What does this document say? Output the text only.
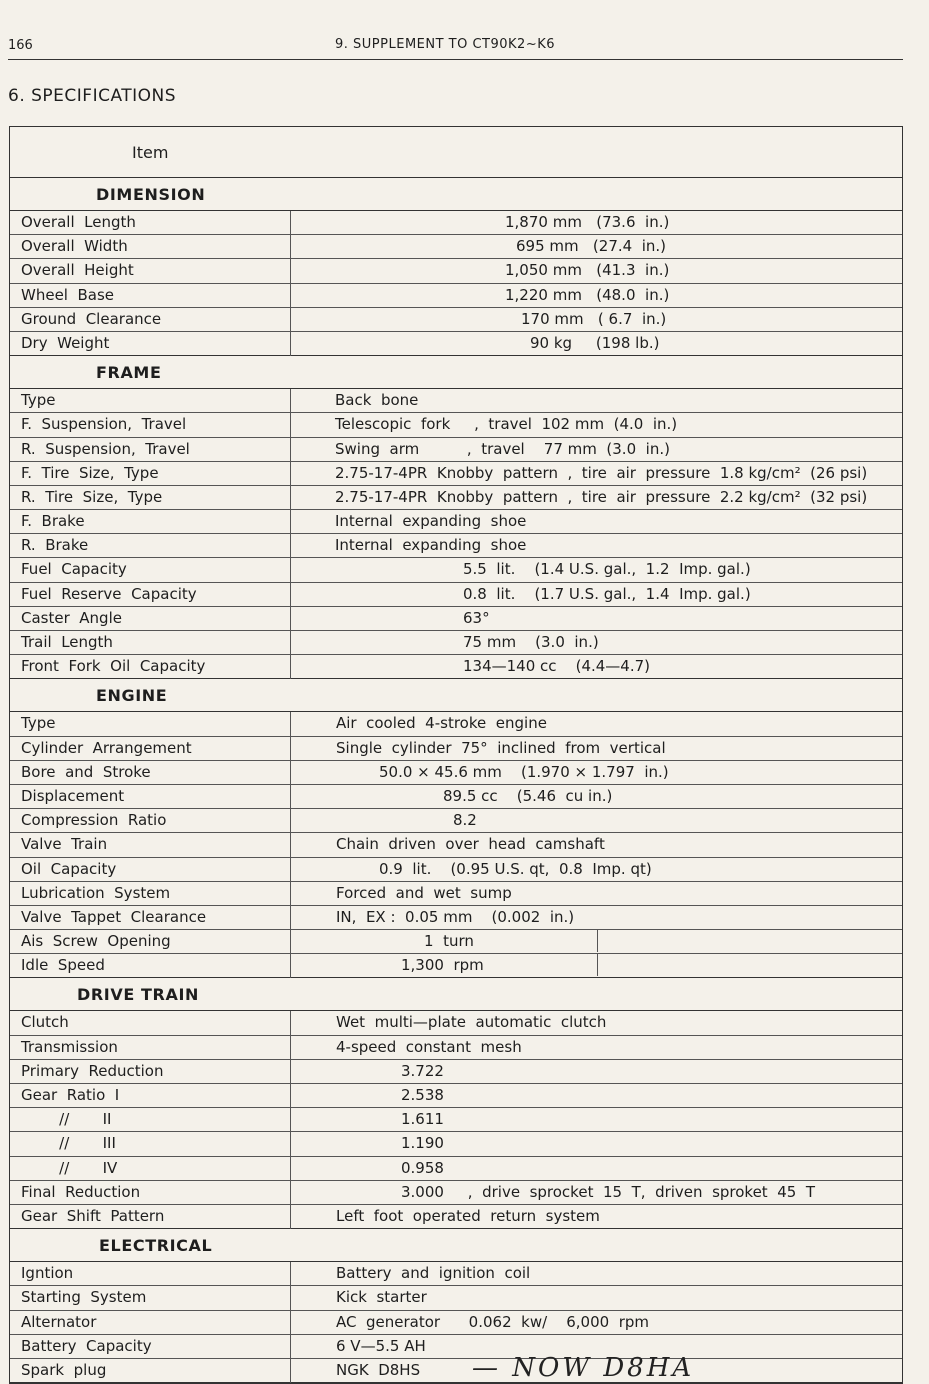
166	9. SUPPLEMENT TO CT90K2~K6
6. SPECIFICATIONS
Item
DIMENSION
Overall  Length	1,870 mm   (73.6  in.)
Overall  Width	695 mm   (27.4  in.)
Overall  Height	1,050 mm   (41.3  in.)
Wheel  Base	1,220 mm   (48.0  in.)
Ground  Clearance	170 mm   ( 6.7  in.)
Dry  Weight	90 kg     (198 lb.)
FRAME
Type	Back  bone
F.  Suspension,  Travel	Telescopic  fork     ,  travel  102 mm  (4.0  in.)
R.  Suspension,  Travel	Swing  arm          ,  travel    77 mm  (3.0  in.)
F.  Tire  Size,  Type	2.75-17-4PR  Knobby  pattern  ,  tire  air  pressure  1.8 kg/cm²  (26 psi)
R.  Tire  Size,  Type	2.75-17-4PR  Knobby  pattern  ,  tire  air  pressure  2.2 kg/cm²  (32 psi)
F.  Brake	Internal  expanding  shoe
R.  Brake	Internal  expanding  shoe
Fuel  Capacity	5.5  lit.    (1.4 U.S. gal.,  1.2  Imp. gal.)
Fuel  Reserve  Capacity	0.8  lit.    (1.7 U.S. gal.,  1.4  Imp. gal.)
Caster  Angle	63°
Trail  Length	75 mm    (3.0  in.)
Front  Fork  Oil  Capacity	134—140 cc    (4.4—4.7)
ENGINE
Type	Air  cooled  4-stroke  engine
Cylinder  Arrangement	Single  cylinder  75°  inclined  from  vertical
Bore  and  Stroke	50.0 × 45.6 mm    (1.970 × 1.797  in.)
Displacement	89.5 cc    (5.46  cu in.)
Compression  Ratio	8.2
Valve  Train	Chain  driven  over  head  camshaft
Oil  Capacity	0.9  lit.    (0.95 U.S. qt,  0.8  Imp. qt)
Lubrication  System	Forced  and  wet  sump
Valve  Tappet  Clearance	IN,  EX :  0.05 mm    (0.002  in.)
Ais  Screw  Opening	1  turn
Idle  Speed	1,300  rpm
DRIVE TRAIN
Clutch	Wet  multi—plate  automatic  clutch
Transmission	4-speed  constant  mesh
Primary  Reduction	3.722
Gear  Ratio  I	2.538
//       II	1.611
//       III	1.190
//       IV	0.958
Final  Reduction	3.000     ,  drive  sprocket  15  T,  driven  sproket  45  T
Gear  Shift  Pattern	Left  foot  operated  return  system
ELECTRICAL
Igntion	Battery  and  ignition  coil
Starting  System	Kick  starter
Alternator	AC  generator      0.062  kw/    6,000  rpm
Battery  Capacity	6 V—5.5 AH
Spark  plug	NGK  D8HS — NOW D8HA
